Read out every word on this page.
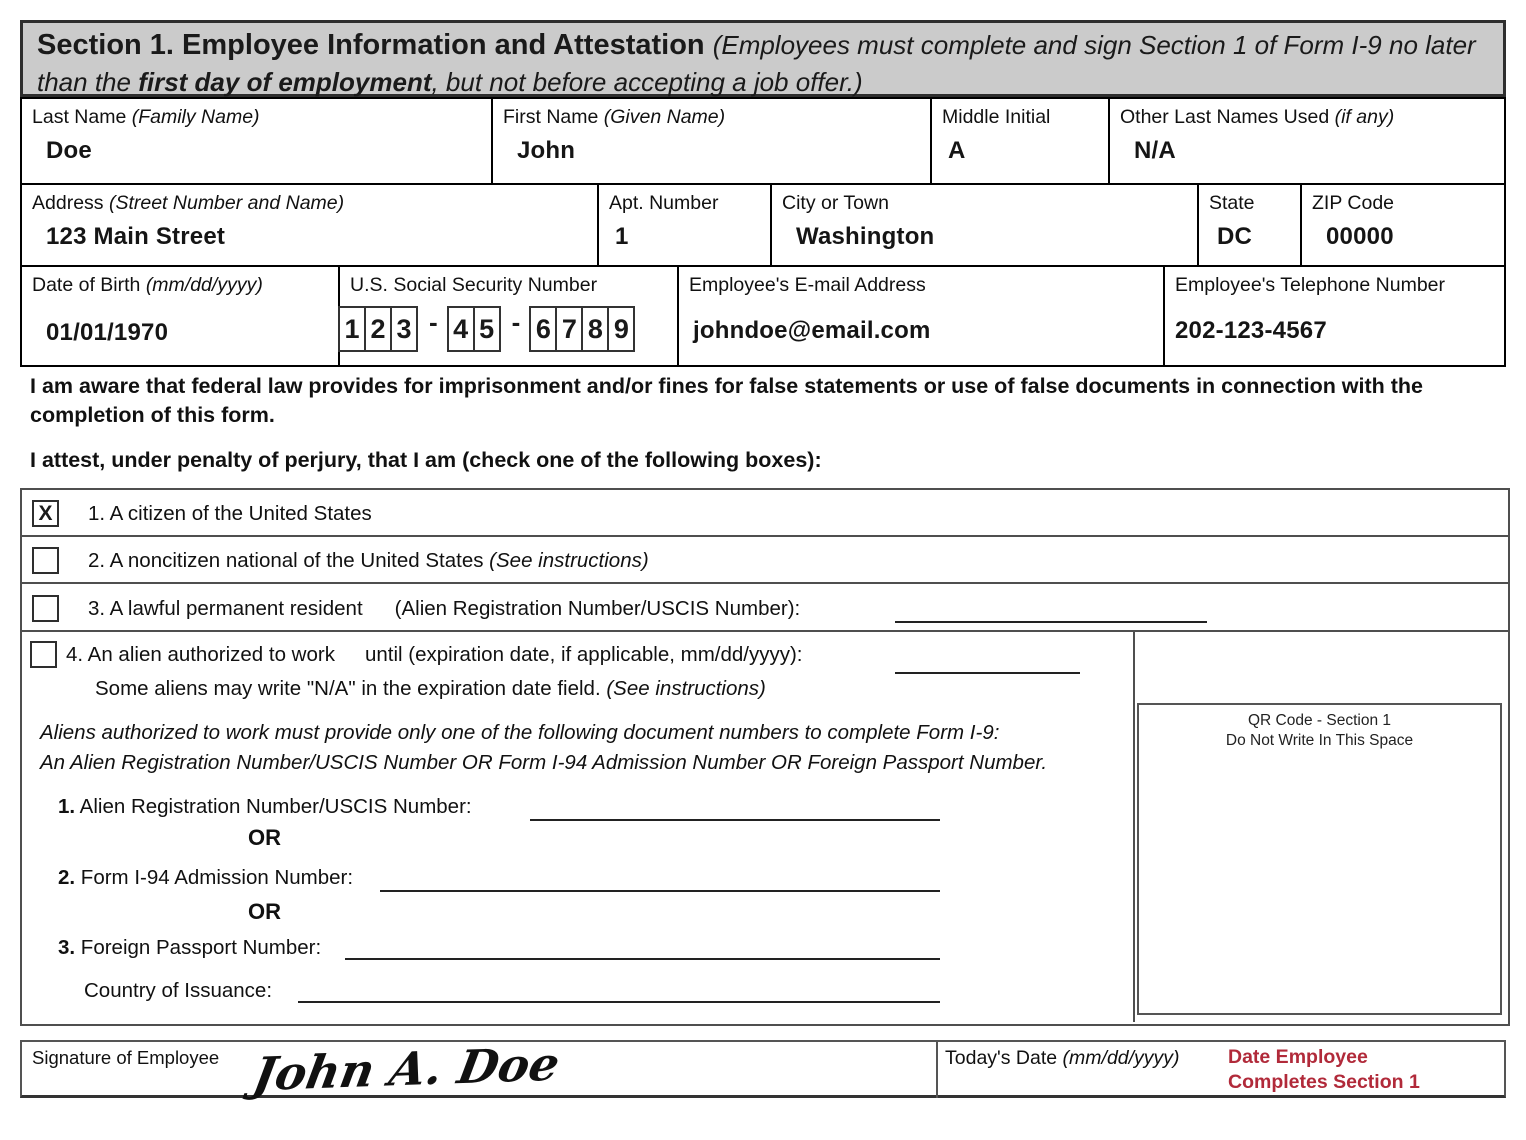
Section 1. Employee Information and Attestation (Employees must complete and sign Section 1 of Form I-9 no later
than the first day of employment, but not before accepting a job offer.)
Last Name (Family Name)
Doe
First Name (Given Name)
John
Middle Initial
A
Other Last Names Used (if any)
N/A
Address (Street Number and Name)
123 Main Street
Apt. Number
1
City or Town
Washington
State
DC
ZIP Code
00000
Date of Birth (mm/dd/yyyy)
01/01/1970
U.S. Social Security Number
1 2 3 - 4 5 - 6 7 8 9
Employee's E-mail Address
johndoe@email.com
Employee's Telephone Number
202-123-4567
I am aware that federal law provides for imprisonment and/or fines for false statements or use of false documents in connection with the completion of this form.
I attest, under penalty of perjury, that I am (check one of the following boxes):
X	1. A citizen of the United States
2. A noncitizen national of the United States (See instructions)
3. A lawful permanent resident (Alien Registration Number/USCIS Number):
4. An alien authorized to work until (expiration date, if applicable, mm/dd/yyyy):
Some aliens may write "N/A" in the expiration date field. (See instructions)
Aliens authorized to work must provide only one of the following document numbers to complete Form I-9:
An Alien Registration Number/USCIS Number OR Form I-94 Admission Number OR Foreign Passport Number.
1. Alien Registration Number/USCIS Number:
OR
2. Form I-94 Admission Number:
OR
3. Foreign Passport Number:
Country of Issuance:
QR Code - Section 1
Do Not Write In This Space
Signature of Employee John A. Doe	Today's Date (mm/dd/yyyy) Date Employee
Completes Section 1
